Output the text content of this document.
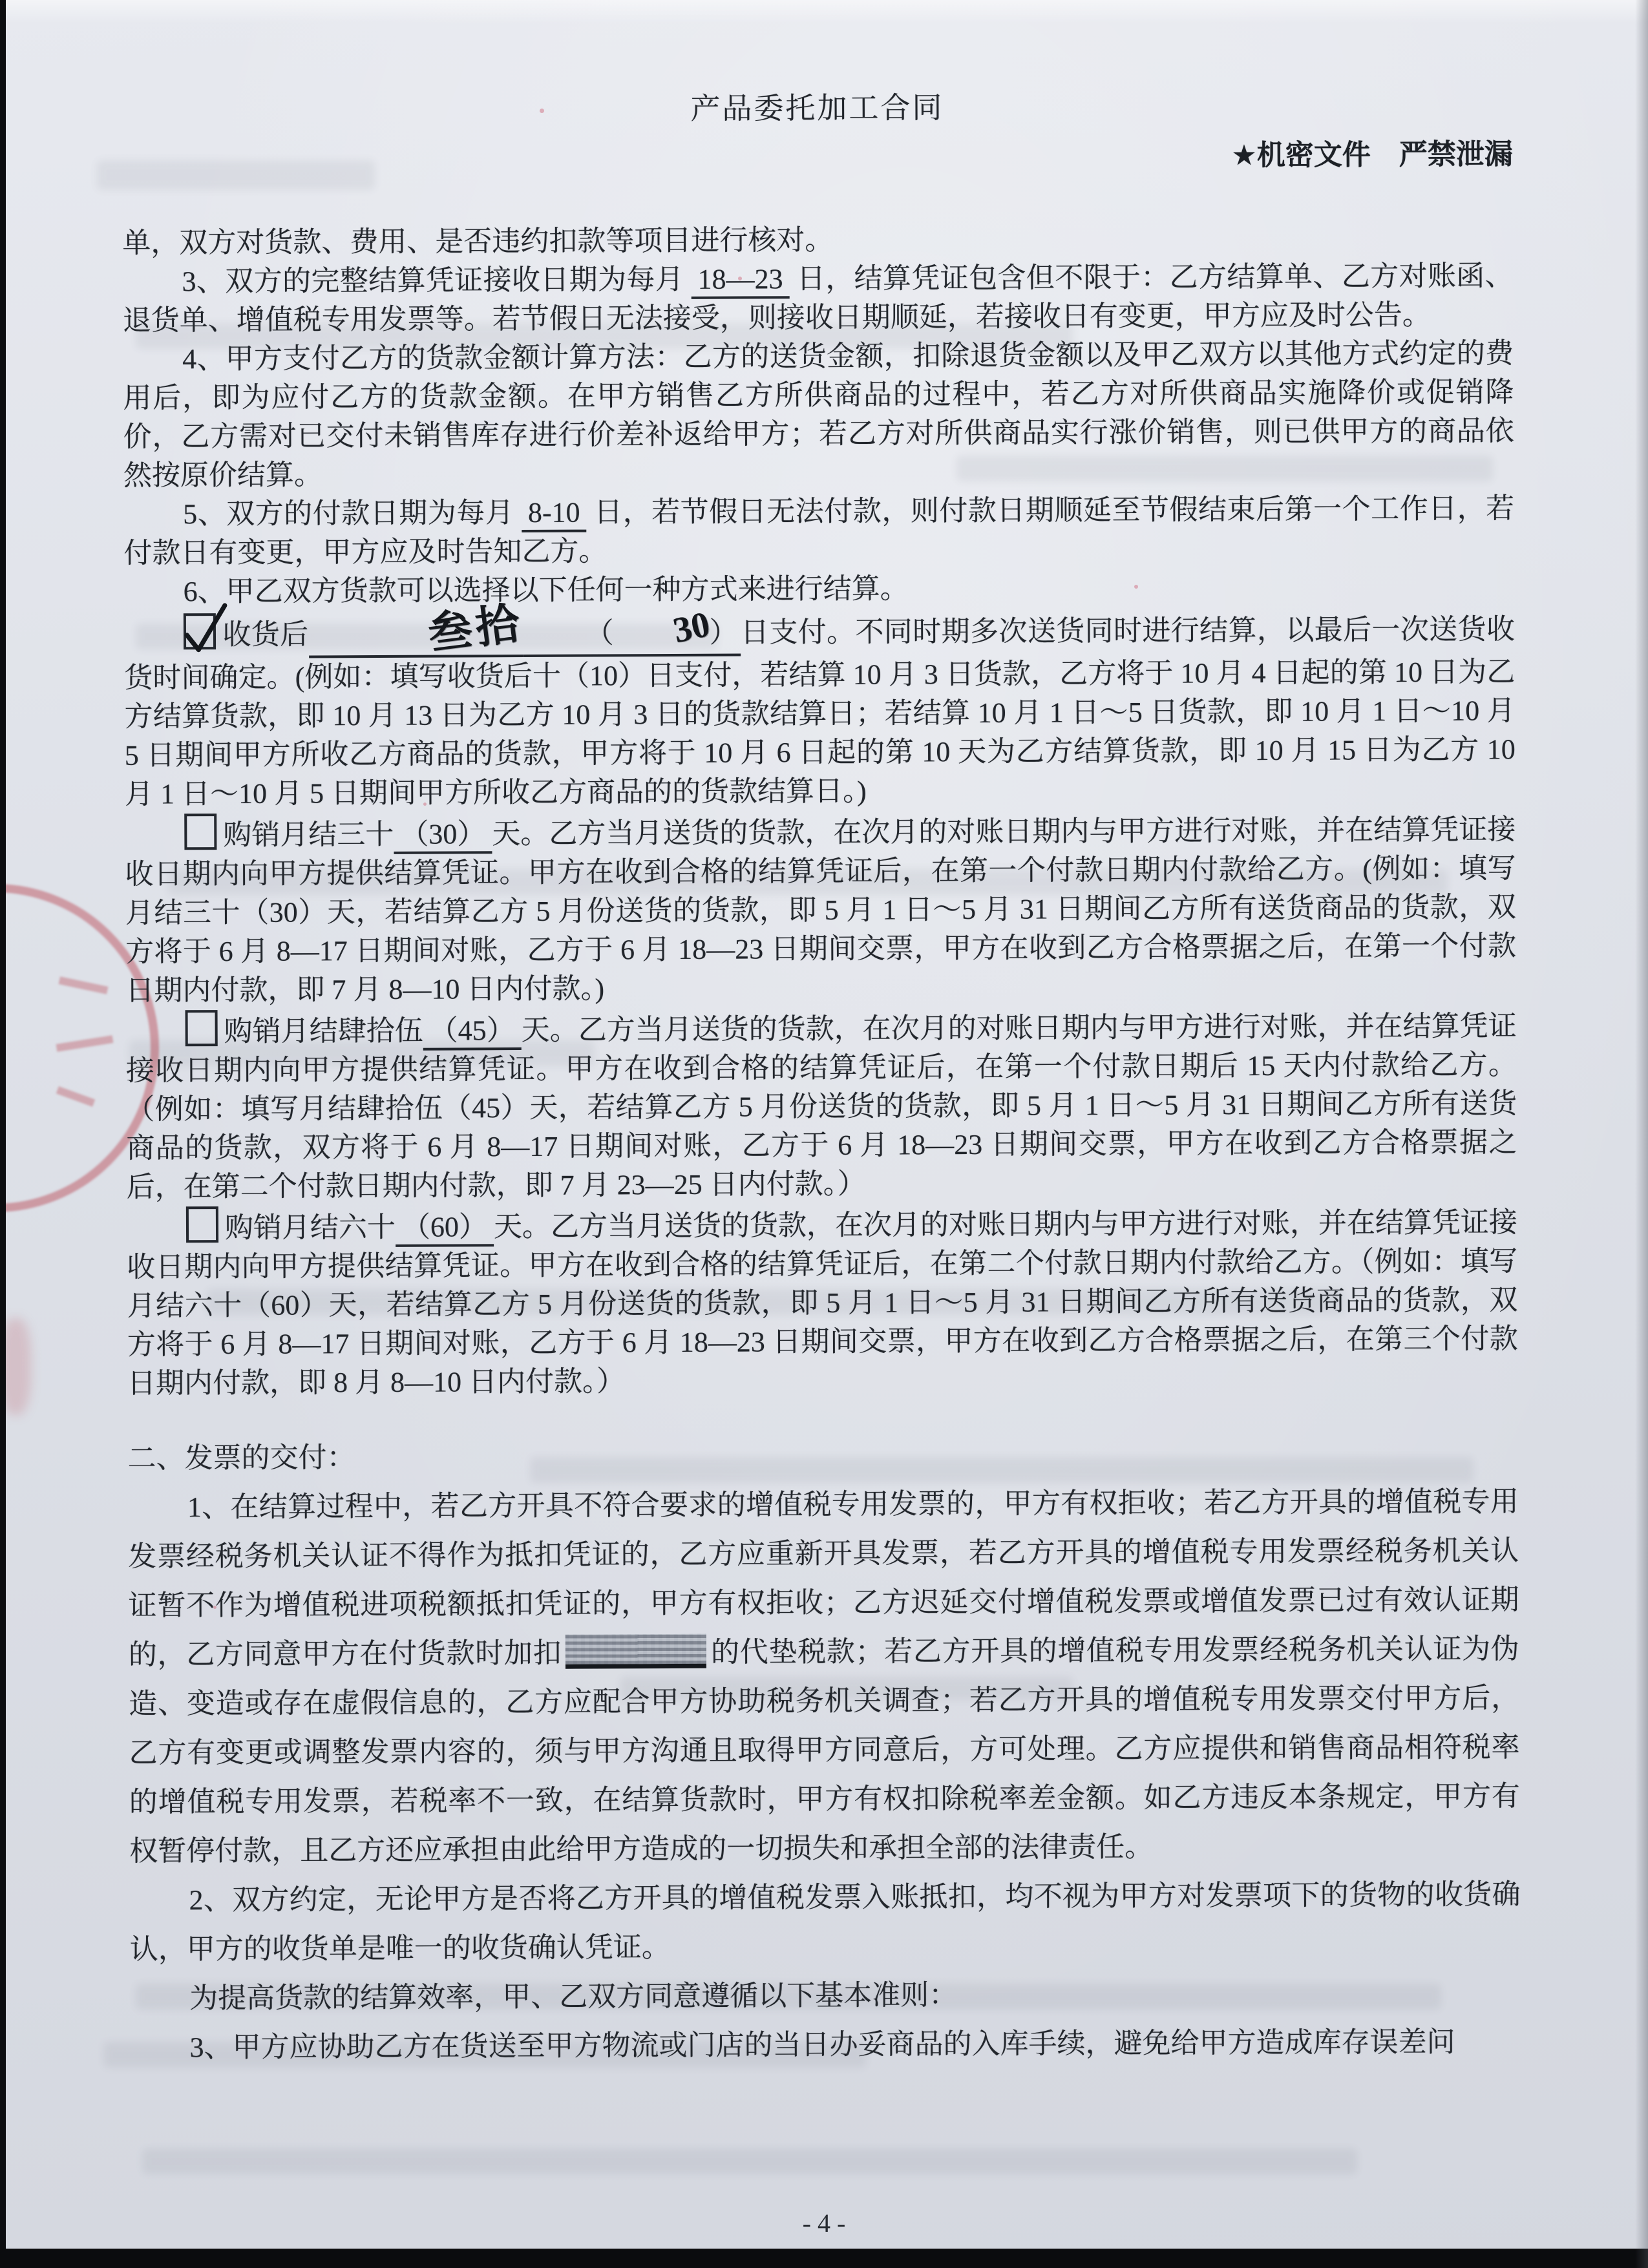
产品委托加工合同

★机密文件　严禁泄漏

单，双方对货款、费用、是否违约扣款等项目进行核对。

3、双方的完整结算凭证接收日期为每月 18—23 日，结算凭证包含但不限于：乙方结算单、乙方对账函、退货单、增值税专用发票等。若节假日无法接受，则接收日期顺延，若接收日有变更，甲方应及时公告。

4、甲方支付乙方的货款金额计算方法：乙方的送货金额，扣除退货金额以及甲乙双方以其他方式约定的费用后，即为应付乙方的货款金额。在甲方销售乙方所供商品的过程中，若乙方对所供商品实施降价或促销降价，乙方需对已交付未销售库存进行价差补返给甲方；若乙方对所供商品实行涨价销售，则已供甲方的商品依然按原价结算。

5、双方的付款日期为每月 8-10 日，若节假日无法付款，则付款日期顺延至节假结束后第一个工作日，若付款日有变更，甲方应及时告知乙方。

6、甲乙双方货款可以选择以下任何一种方式来进行结算。

收货后	叁拾 （ 30）日支付。不同时期多次送货同时进行结算，以最后一次送货收货时间确定。(例如：填写收货后十（10）日支付，若结算 10 月 3 日货款，乙方将于 10 月 4 日起的第 10 日为乙方结算货款，即 10 月 13 日为乙方 10 月 3 日的货款结算日；若结算 10 月 1 日～5 日货款，即 10 月 1 日～10 月 5 日期间甲方所收乙方商品的货款，甲方将于 10 月 6 日起的第 10 天为乙方结算货款，即 10 月 15 日为乙方 10 月 1 日～10 月 5 日期间甲方所收乙方商品的的货款结算日。)

购销月结三十 （30） 天。乙方当月送货的货款，在次月的对账日期内与甲方进行对账，并在结算凭证接收日期内向甲方提供结算凭证。甲方在收到合格的结算凭证后，在第一个付款日期内付款给乙方。(例如：填写月结三十（30）天，若结算乙方 5 月份送货的货款，即 5 月 1 日～5 月 31 日期间乙方所有送货商品的货款，双方将于 6 月 8—17 日期间对账，乙方于 6 月 18—23 日期间交票，甲方在收到乙方合格票据之后，在第一个付款日期内付款，即 7 月 8—10 日内付款。)

购销月结肆拾伍 （45） 天。乙方当月送货的货款，在次月的对账日期内与甲方进行对账，并在结算凭证接收日期内向甲方提供结算凭证。甲方在收到合格的结算凭证后，在第一个付款日期后 15 天内付款给乙方。（例如：填写月结肆拾伍（45）天，若结算乙方 5 月份送货的货款，即 5 月 1 日～5 月 31 日期间乙方所有送货商品的货款，双方将于 6 月 8—17 日期间对账，乙方于 6 月 18—23 日期间交票，甲方在收到乙方合格票据之后，在第二个付款日期内付款，即 7 月 23—25 日内付款。）

购销月结六十 （60） 天。乙方当月送货的货款，在次月的对账日期内与甲方进行对账，并在结算凭证接收日期内向甲方提供结算凭证。甲方在收到合格的结算凭证后，在第二个付款日期内付款给乙方。（例如：填写月结六十（60）天，若结算乙方 5 月份送货的货款，即 5 月 1 日～5 月 31 日期间乙方所有送货商品的货款，双方将于 6 月 8—17 日期间对账，乙方于 6 月 18—23 日期间交票，甲方在收到乙方合格票据之后，在第三个付款日期内付款，即 8 月 8—10 日内付款。）

二、发票的交付：

1、在结算过程中，若乙方开具不符合要求的增值税专用发票的，甲方有权拒收；若乙方开具的增值税专用发票经税务机关认证不得作为抵扣凭证的，乙方应重新开具发票，若乙方开具的增值税专用发票经税务机关认证暂不作为增值税进项税额抵扣凭证的，甲方有权拒收；乙方迟延交付增值税发票或增值发票已过有效认证期的，乙方同意甲方在付货款时加扣	的代垫税款；若乙方开具的增值税专用发票经税务机关认证为伪造、变造或存在虚假信息的，乙方应配合甲方协助税务机关调查；若乙方开具的增值税专用发票交付甲方后，乙方有变更或调整发票内容的，须与甲方沟通且取得甲方同意后，方可处理。乙方应提供和销售商品相符税率的增值税专用发票，若税率不一致，在结算货款时，甲方有权扣除税率差金额。如乙方违反本条规定，甲方有权暂停付款，且乙方还应承担由此给甲方造成的一切损失和承担全部的法律责任。

2、双方约定，无论甲方是否将乙方开具的增值税发票入账抵扣，均不视为甲方对发票项下的货物的收货确认，甲方的收货单是唯一的收货确认凭证。

为提高货款的结算效率，甲、乙双方同意遵循以下基本准则：

3、甲方应协助乙方在货送至甲方物流或门店的当日办妥商品的入库手续，避免给甲方造成库存误差问

- 4 -
